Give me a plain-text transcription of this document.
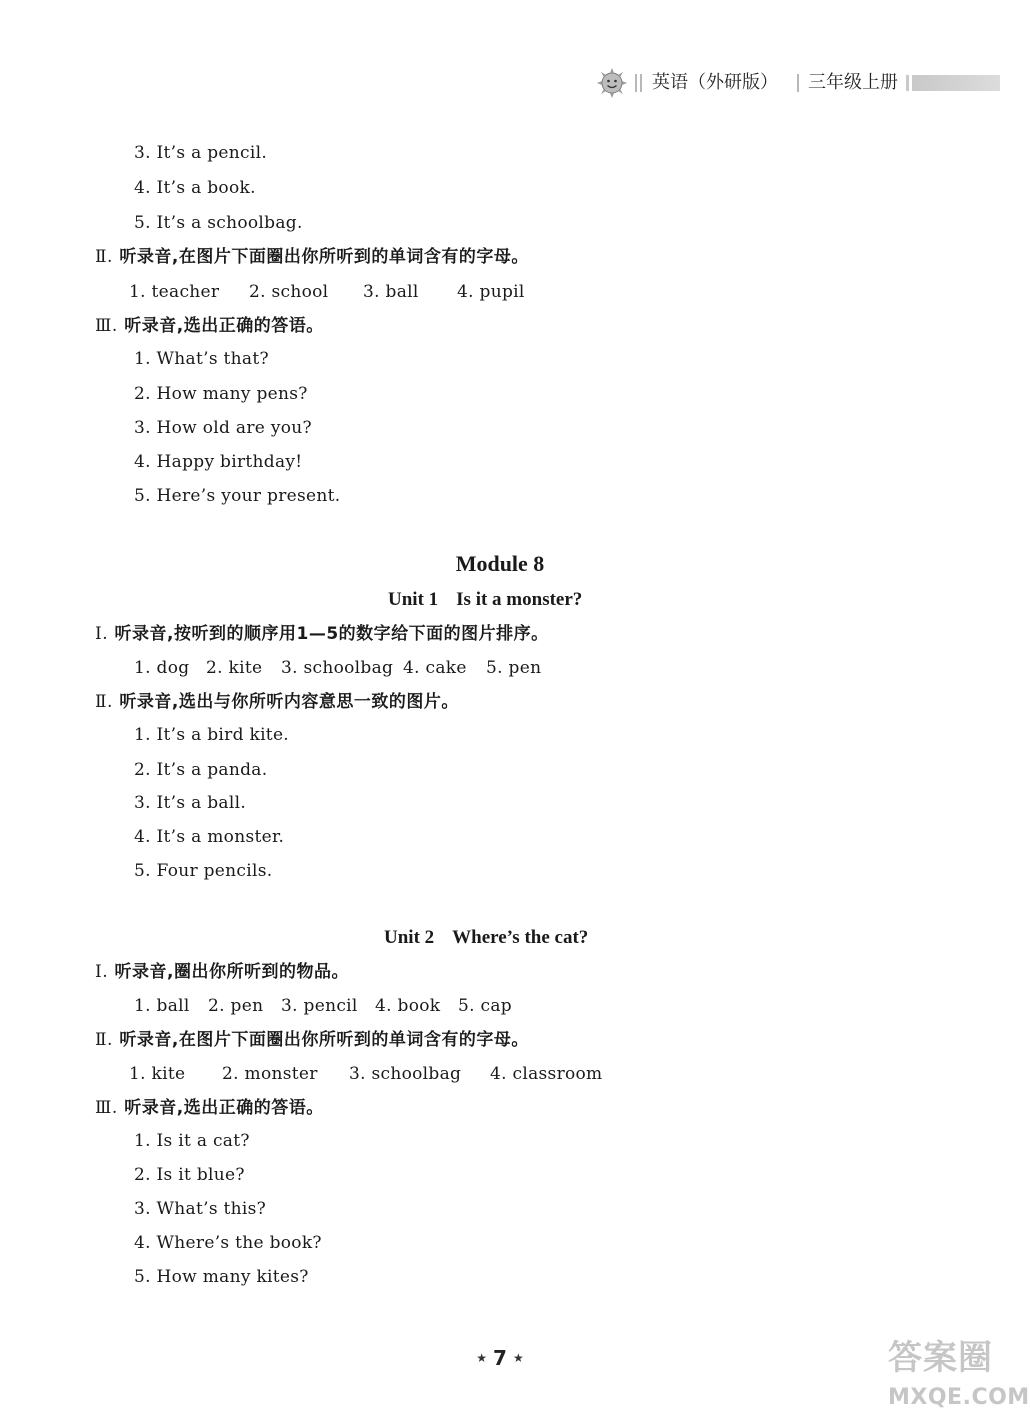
英语（外研版） 三年级上册
3. It’s a pencil.
4. It’s a book.
5. It’s a schoolbag.
Ⅱ. 听录音,在图片下面圈出你所听到的单词含有的字母。
1. teacher 2. school 3. ball 4. pupil
Ⅲ. 听录音,选出正确的答语。
1. What’s that?
2. How many pens?
3. How old are you?
4. Happy birthday!
5. Here’s your present.
Module 8
Unit 1 Is it a monster?
Ⅰ. 听录音,按听到的顺序用1—5的数字给下面的图片排序。
1. dog 2. kite 3. schoolbag 4. cake 5. pen
Ⅱ. 听录音,选出与你所听内容意思一致的图片。
1. It’s a bird kite.
2. It’s a panda.
3. It’s a ball.
4. It’s a monster.
5. Four pencils.
Unit 2 Where’s the cat?
Ⅰ. 听录音,圈出你所听到的物品。
1. ball 2. pen 3. pencil 4. book 5. cap
Ⅱ. 听录音,在图片下面圈出你所听到的单词含有的字母。
1. kite 2. monster 3. schoolbag 4. classroom
Ⅲ. 听录音,选出正确的答语。
1. Is it a cat?
2. Is it blue?
3. What’s this?
4. Where’s the book?
5. How many kites?
★ 7 ★	答案圈
MXQE.COM
